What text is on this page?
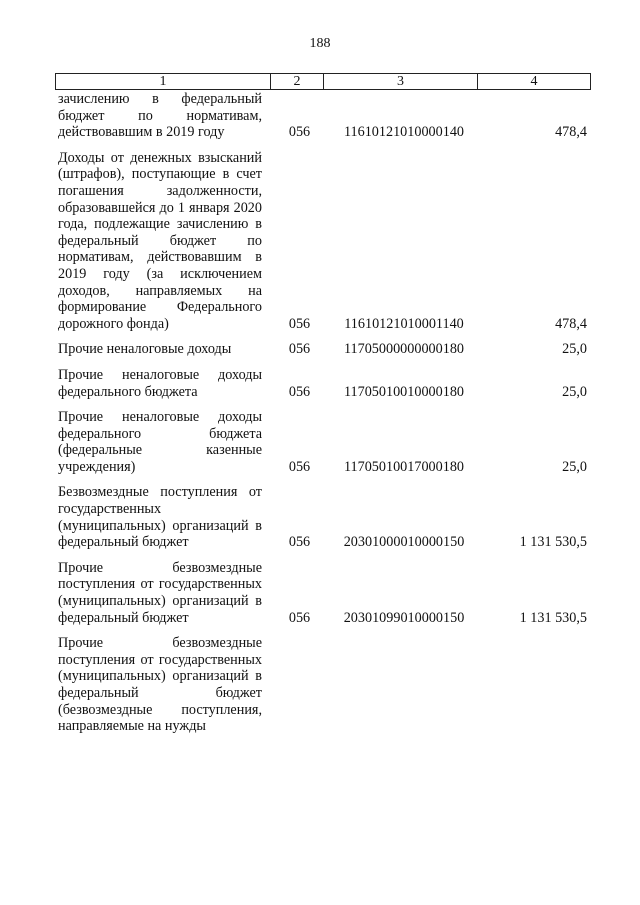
188
1	2	3	4
зачислению в федеральный бюджет по нормативам, действовавшим в 2019 году	056	11610121010000140	478,4
Доходы от денежных взысканий (штрафов), поступающие в счет погашения задолженности, образовавшейся до 1 января 2020 года, подлежащие зачислению в федеральный бюджет по нормативам, действовавшим в 2019 году (за исключением доходов, направляемых на формирование Федерального дорожного фонда)	056	11610121010001140	478,4
Прочие неналоговые доходы	056	11705000000000180	25,0
Прочие неналоговые доходы федерального бюджета	056	11705010010000180	25,0
Прочие неналоговые доходы федерального бюджета (федеральные казенные учреждения)	056	11705010017000180	25,0
Безвозмездные поступления от государственных (муниципальных) организаций в федеральный бюджет	056	20301000010000150	1 131 530,5
Прочие безвозмездные поступления от государственных (муниципальных) организаций в федеральный бюджет	056	20301099010000150	1 131 530,5
Прочие безвозмездные поступления от государственных (муниципальных) организаций в федеральный бюджет (безвозмездные поступления, направляемые на нужды
